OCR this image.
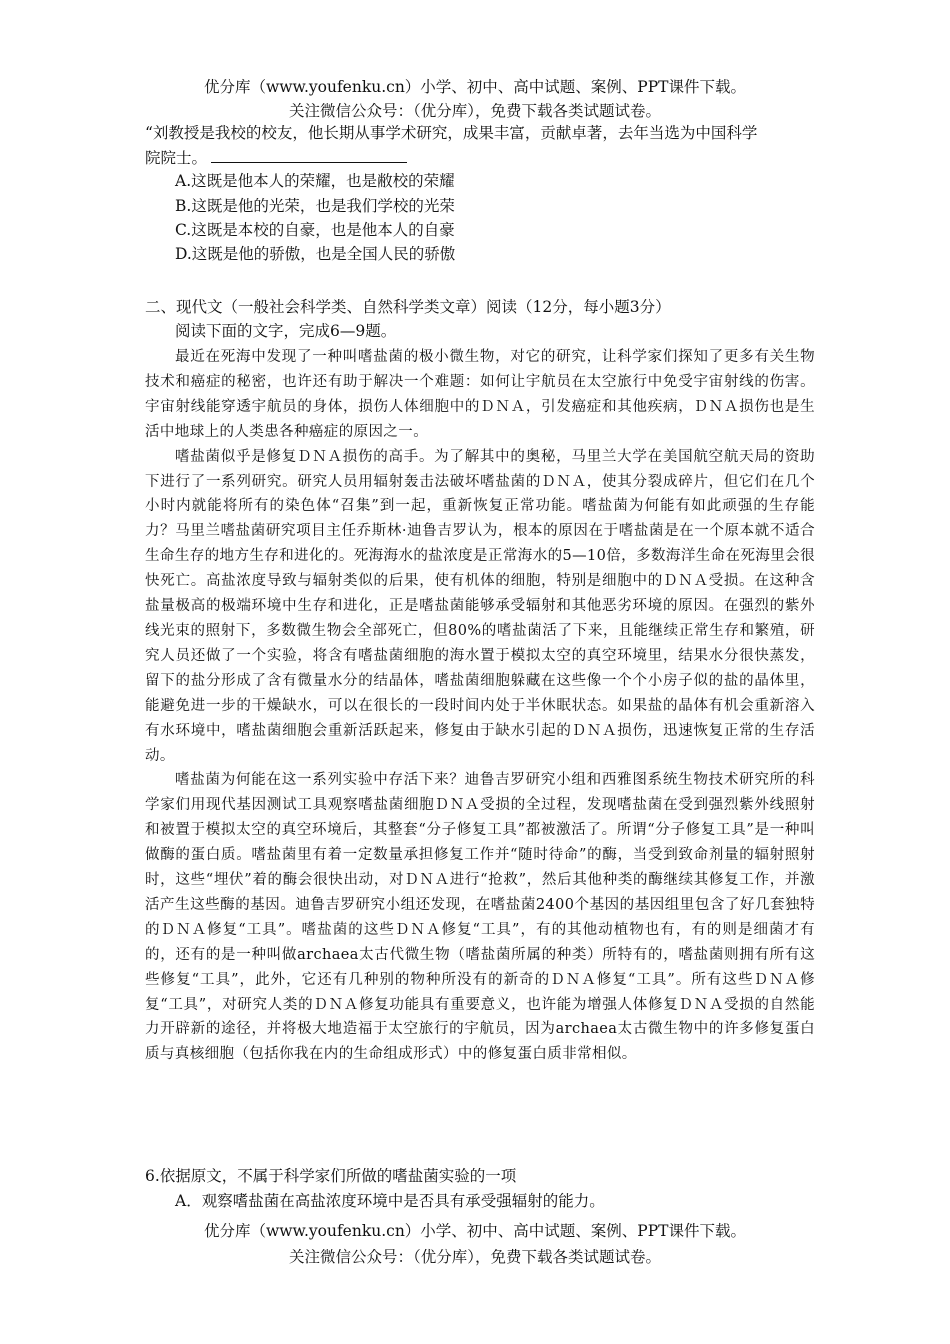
优分库（www.youfenku.cn）小学、初中、高中试题、案例、PPT课件下载。
关注微信公众号：（优分库），免费下载各类试题试卷。
“刘教授是我校的校友，他长期从事学术研究，成果丰富，贡献卓著，去年当选为中国科学
院院士。
A.这既是他本人的荣耀，也是敝校的荣耀
B.这既是他的光荣，也是我们学校的光荣
C.这既是本校的自豪，也是他本人的自豪
D.这既是他的骄傲，也是全国人民的骄傲
二、现代文（一般社会科学类、自然科学类文章）阅读（12分，每小题3分）
阅读下面的文字，完成6—9题。

最近在死海中发现了一种叫嗜盐菌的极小微生物，对它的研究，让科学家们探知了更多有关生物技术和癌症的秘密，也许还有助于解决一个难题：如何让宇航员在太空旅行中免受宇宙射线的伤害。宇宙射线能穿透宇航员的身体，损伤人体细胞中的ＤＮＡ，引发癌症和其他疾病，ＤＮＡ损伤也是生活中地球上的人类患各种癌症的原因之一。

嗜盐菌似乎是修复ＤＮＡ损伤的高手。为了解其中的奥秘，马里兰大学在美国航空航天局的资助下进行了一系列研究。研究人员用辐射轰击法破坏嗜盐菌的ＤＮＡ，使其分裂成碎片，但它们在几个小时内就能将所有的染色体“召集”到一起，重新恢复正常功能。嗜盐菌为何能有如此顽强的生存能力？马里兰嗜盐菌研究项目主任乔斯林·迪鲁吉罗认为，根本的原因在于嗜盐菌是在一个原本就不适合生命生存的地方生存和进化的。死海海水的盐浓度是正常海水的5—10倍，多数海洋生命在死海里会很快死亡。高盐浓度导致与辐射类似的后果，使有机体的细胞，特别是细胞中的ＤＮＡ受损。在这种含盐量极高的极端环境中生存和进化，正是嗜盐菌能够承受辐射和其他恶劣环境的原因。在强烈的紫外线光束的照射下，多数微生物会全部死亡，但80%的嗜盐菌活了下来，且能继续正常生存和繁殖，研究人员还做了一个实验，将含有嗜盐菌细胞的海水置于模拟太空的真空环境里，结果水分很快蒸发，留下的盐分形成了含有微量水分的结晶体，嗜盐菌细胞躲藏在这些像一个个小房子似的盐的晶体里，能避免进一步的干燥缺水，可以在很长的一段时间内处于半休眠状态。如果盐的晶体有机会重新溶入有水环境中，嗜盐菌细胞会重新活跃起来，修复由于缺水引起的ＤＮＡ损伤，迅速恢复正常的生存活动。

嗜盐菌为何能在这一系列实验中存活下来？迪鲁吉罗研究小组和西雅图系统生物技术研究所的科学家们用现代基因测试工具观察嗜盐菌细胞ＤＮＡ受损的全过程，发现嗜盐菌在受到强烈紫外线照射和被置于模拟太空的真空环境后，其整套“分子修复工具”都被激活了。所谓“分子修复工具”是一种叫做酶的蛋白质。嗜盐菌里有着一定数量承担修复工作并“随时待命”的酶，当受到致命剂量的辐射照射时，这些“埋伏”着的酶会很快出动，对ＤＮＡ进行“抢救”，然后其他种类的酶继续其修复工作，并激活产生这些酶的基因。迪鲁吉罗研究小组还发现，在嗜盐菌2400个基因的基因组里包含了好几套独特的ＤＮＡ修复“工具”。嗜盐菌的这些ＤＮＡ修复“工具”，有的其他动植物也有，有的则是细菌才有的，还有的是一种叫做archaea太古代微生物（嗜盐菌所属的种类）所特有的，嗜盐菌则拥有所有这些修复“工具”，此外，它还有几种别的物种所没有的新奇的ＤＮＡ修复“工具”。所有这些ＤＮＡ修复“工具”，对研究人类的ＤＮＡ修复功能具有重要意义，也许能为增强人体修复ＤＮＡ受损的自然能力开辟新的途径，并将极大地造福于太空旅行的宇航员，因为archaea太古微生物中的许多修复蛋白质与真核细胞（包括你我在内的生命组成形式）中的修复蛋白质非常相似。

6.依据原文，不属于科学家们所做的嗜盐菌实验的一项
A．观察嗜盐菌在高盐浓度环境中是否具有承受强辐射的能力。
优分库（www.youfenku.cn）小学、初中、高中试题、案例、PPT课件下载。
关注微信公众号：（优分库），免费下载各类试题试卷。
